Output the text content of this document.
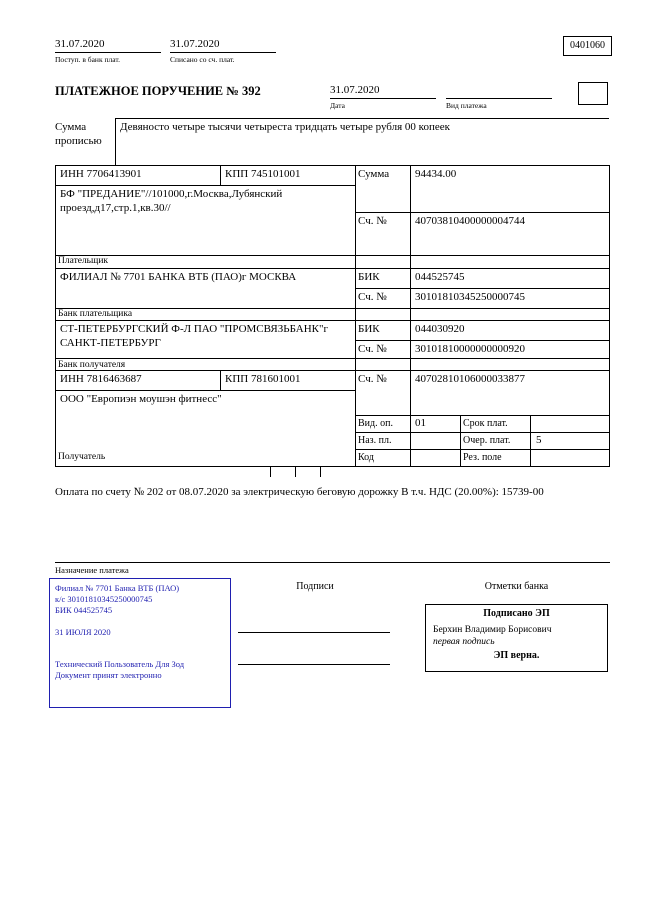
31.07.2020
Поступ. в банк плат.
31.07.2020
Списано со сч. плат.
0401060
ПЛАТЕЖНОЕ ПОРУЧЕНИЕ № 392	31.07.2020
Дата	Вид платежа
Сумма прописью
Девяносто четыре тысячи четыреста тридцать четыре рубля 00 копеек
ИНН 7706413901	КПП 745101001	Сумма 94434.00
БФ "ПРЕДАНИЕ"//101000,г.Москва,Лубянский проезд,д17,стр.1,кв.30//
Сч. №	40703810400000004744
Плательщик
ФИЛИАЛ № 7701 БАНКА ВТБ (ПАО)г МОСКВА	БИК	044525745
Сч. №	30101810345250000745
Банк плательщика
СТ-ПЕТЕРБУРГСКИЙ Ф-Л ПАО "ПРОМСВЯЗЬБАНК"г САНКТ-ПЕТЕРБУРГ
БИК	044030920
Сч. №	30101810000000000920
Банк получателя
ИНН 7816463687	КПП 781601001	Сч. №	40702810106000033877
ООО "Европиэн моушэн фитнесс"
Получатель
Вид. оп. 01	Срок плат.
Наз. пл.	Очер. плат. 5
Код	Рез. поле
Оплата по счету № 202 от 08.07.2020 за электрическую беговую дорожку В т.ч. НДС (20.00%): 15739-00
Назначение платежа
Филиал № 7701 Банка ВТБ (ПАО)
к/с 30101810345250000745
БИК 044525745
31 ИЮЛЯ 2020
Технический Пользователь Для Зод
Документ принят электронно
Подписи	Отметки банка
Подписано ЭП
Берхин Владимир Борисович
первая подпись
ЭП верна.
